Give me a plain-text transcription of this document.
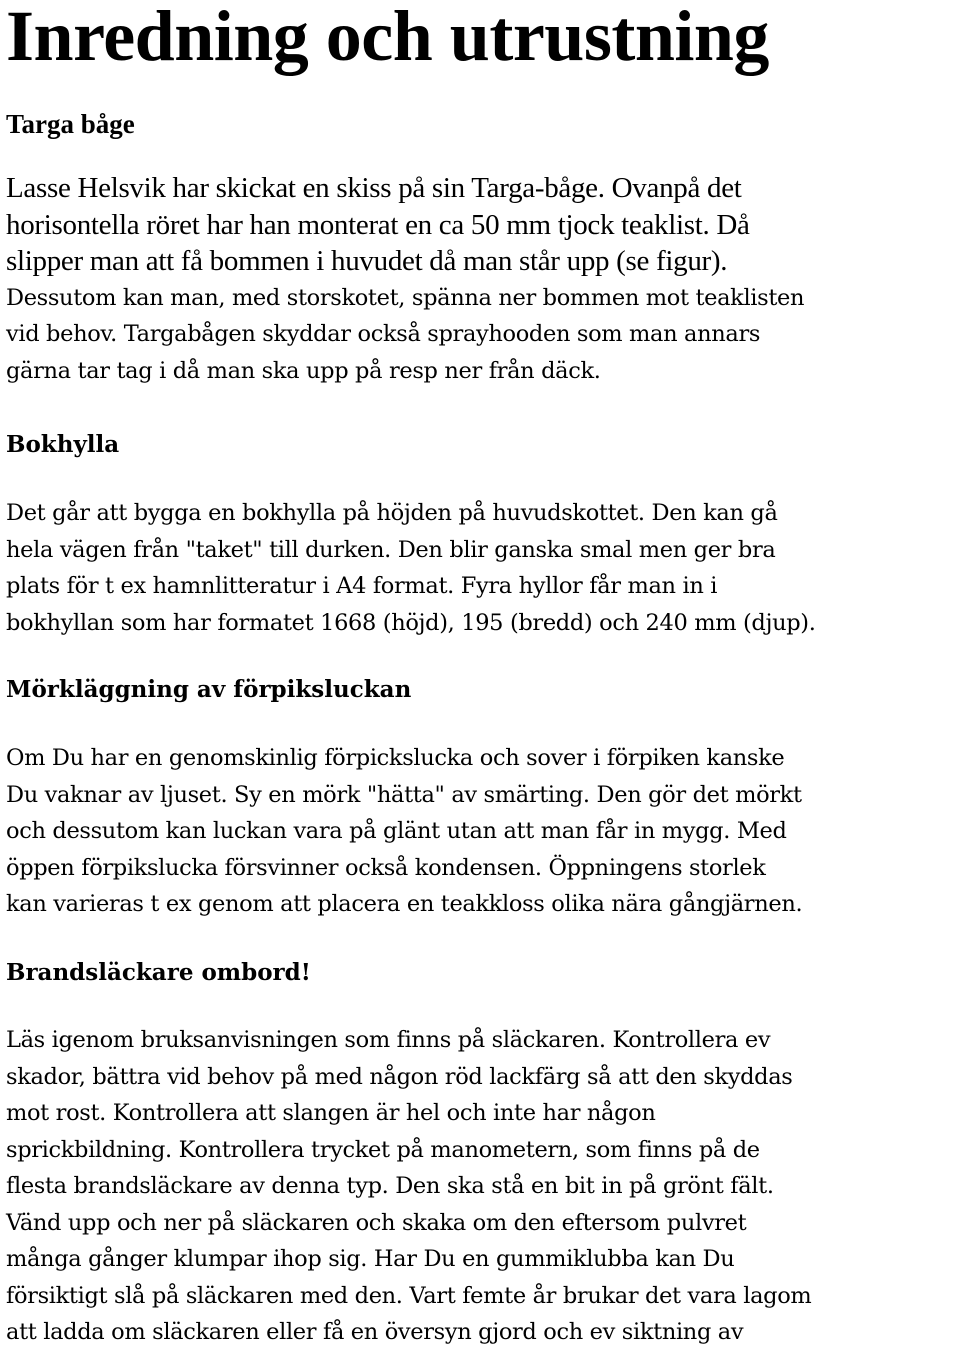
Inredning och utrustning
Targa båge
Lasse Helsvik har skickat en skiss på sin Targa-båge. Ovanpå det
horisontella röret har han monterat en ca 50 mm tjock teaklist. Då
slipper man att få bommen i huvudet då man står upp (se figur).
Dessutom kan man, med storskotet, spänna ner bommen mot teaklisten
vid behov. Targabågen skyddar också sprayhooden som man annars
gärna tar tag i då man ska upp på resp ner från däck.
Bokhylla
Det går att bygga en bokhylla på höjden på huvudskottet. Den kan gå
hela vägen från "taket" till durken. Den blir ganska smal men ger bra
plats för t ex hamnlitteratur i A4 format. Fyra hyllor får man in i
bokhyllan som har formatet 1668 (höjd), 195 (bredd) och 240 mm (djup).
Mörkläggning av förpiksluckan
Om Du har en genomskinlig förpickslucka och sover i förpiken kanske
Du vaknar av ljuset. Sy en mörk "hätta" av smärting. Den gör det mörkt
och dessutom kan luckan vara på glänt utan att man får in mygg. Med
öppen förpikslucka försvinner också kondensen. Öppningens storlek
kan varieras t ex genom att placera en teakkloss olika nära gångjärnen.
Brandsläckare ombord!
Läs igenom bruksanvisningen som finns på släckaren. Kontrollera ev
skador, bättra vid behov på med någon röd lackfärg så att den skyddas
mot rost. Kontrollera att slangen är hel och inte har någon
sprickbildning. Kontrollera trycket på manometern, som finns på de
flesta brandsläckare av denna typ. Den ska stå en bit in på grönt fält.
Vänd upp och ner på släckaren och skaka om den eftersom pulvret
många gånger klumpar ihop sig. Har Du en gummiklubba kan Du
försiktigt slå på släckaren med den. Vart femte år brukar det vara lagom
att ladda om släckaren eller få en översyn gjord och ev siktning av
